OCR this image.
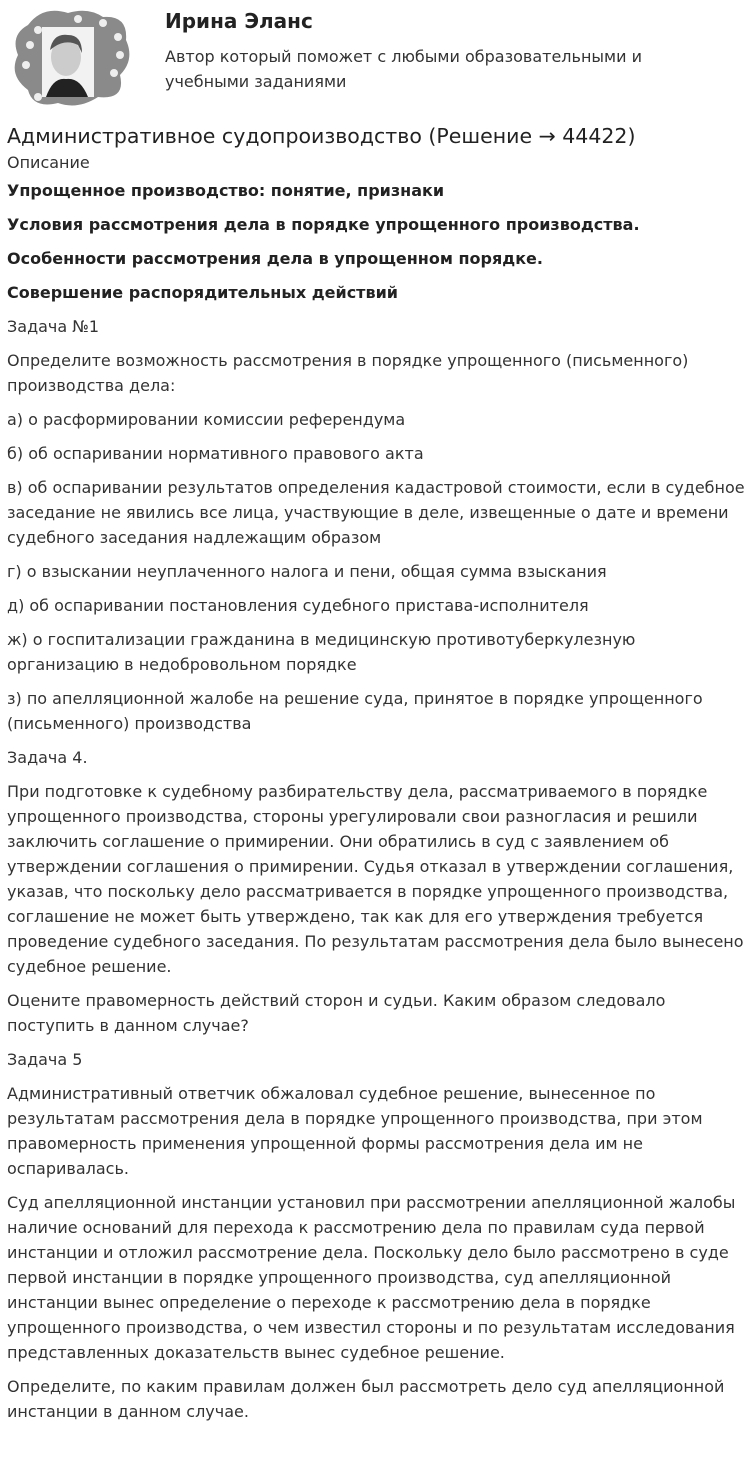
Ирина Эланс
Автор который поможет с любыми образовательными и учебными заданиями
Административное судопроизводство (Решение → 44422)
Описание
Упрощенное производство: понятие, признаки
Условия рассмотрения дела в порядке упрощенного производства.
Особенности рассмотрения дела в упрощенном порядке.
Совершение распорядительных действий

Задача №1

Определите возможность рассмотрения в порядке упрощенного (письменного) производства дела:

а) о расформировании комиссии референдума

б) об оспаривании нормативного правового акта

в) об оспаривании результатов определения кадастровой стоимости, если в судебное заседание не явились все лица, участвующие в деле, извещенные о дате и времени судебного заседания надлежащим образом

г) о взыскании неуплаченного налога и пени, общая сумма взыскания

д) об оспаривании постановления судебного пристава-исполнителя

ж) о госпитализации гражданина в медицинскую противотуберкулезную организацию в недобровольном порядке

з) по апелляционной жалобе на решение суда, принятое в порядке упрощенного (письменного) производства

Задача 4.

При подготовке к судебному разбирательству дела, рассматриваемого в порядке упрощенного производства, стороны урегулировали свои разногласия и решили заключить соглашение о примирении. Они обратились в суд с заявлением об утверждении соглашения о примирении. Судья отказал в утверждении соглашения, указав, что поскольку дело рассматривается в порядке упрощенного производства, соглашение не может быть утверждено, так как для его утверждения требуется проведение судебного заседания. По результатам рассмотрения дела было вынесено судебное решение.

Оцените правомерность действий сторон и судьи. Каким образом следовало поступить в данном случае?

Задача 5

Административный ответчик обжаловал судебное решение, вынесенное по результатам рассмотрения дела в порядке упрощенного производства, при этом правомерность применения упрощенной формы рассмотрения дела им не оспаривалась.

Суд апелляционной инстанции установил при рассмотрении апелляционной жалобы наличие оснований для перехода к рассмотрению дела по правилам суда первой инстанции и отложил рассмотрение дела. Поскольку дело было рассмотрено в суде первой инстанции в порядке упрощенного производства, суд апелляционной инстанции вынес определение о переходе к рассмотрению дела в порядке упрощенного производства, о чем известил стороны и по результатам исследования представленных доказательств вынес судебное решение.

Определите, по каким правилам должен был рассмотреть дело суд апелляционной инстанции в данном случае.
